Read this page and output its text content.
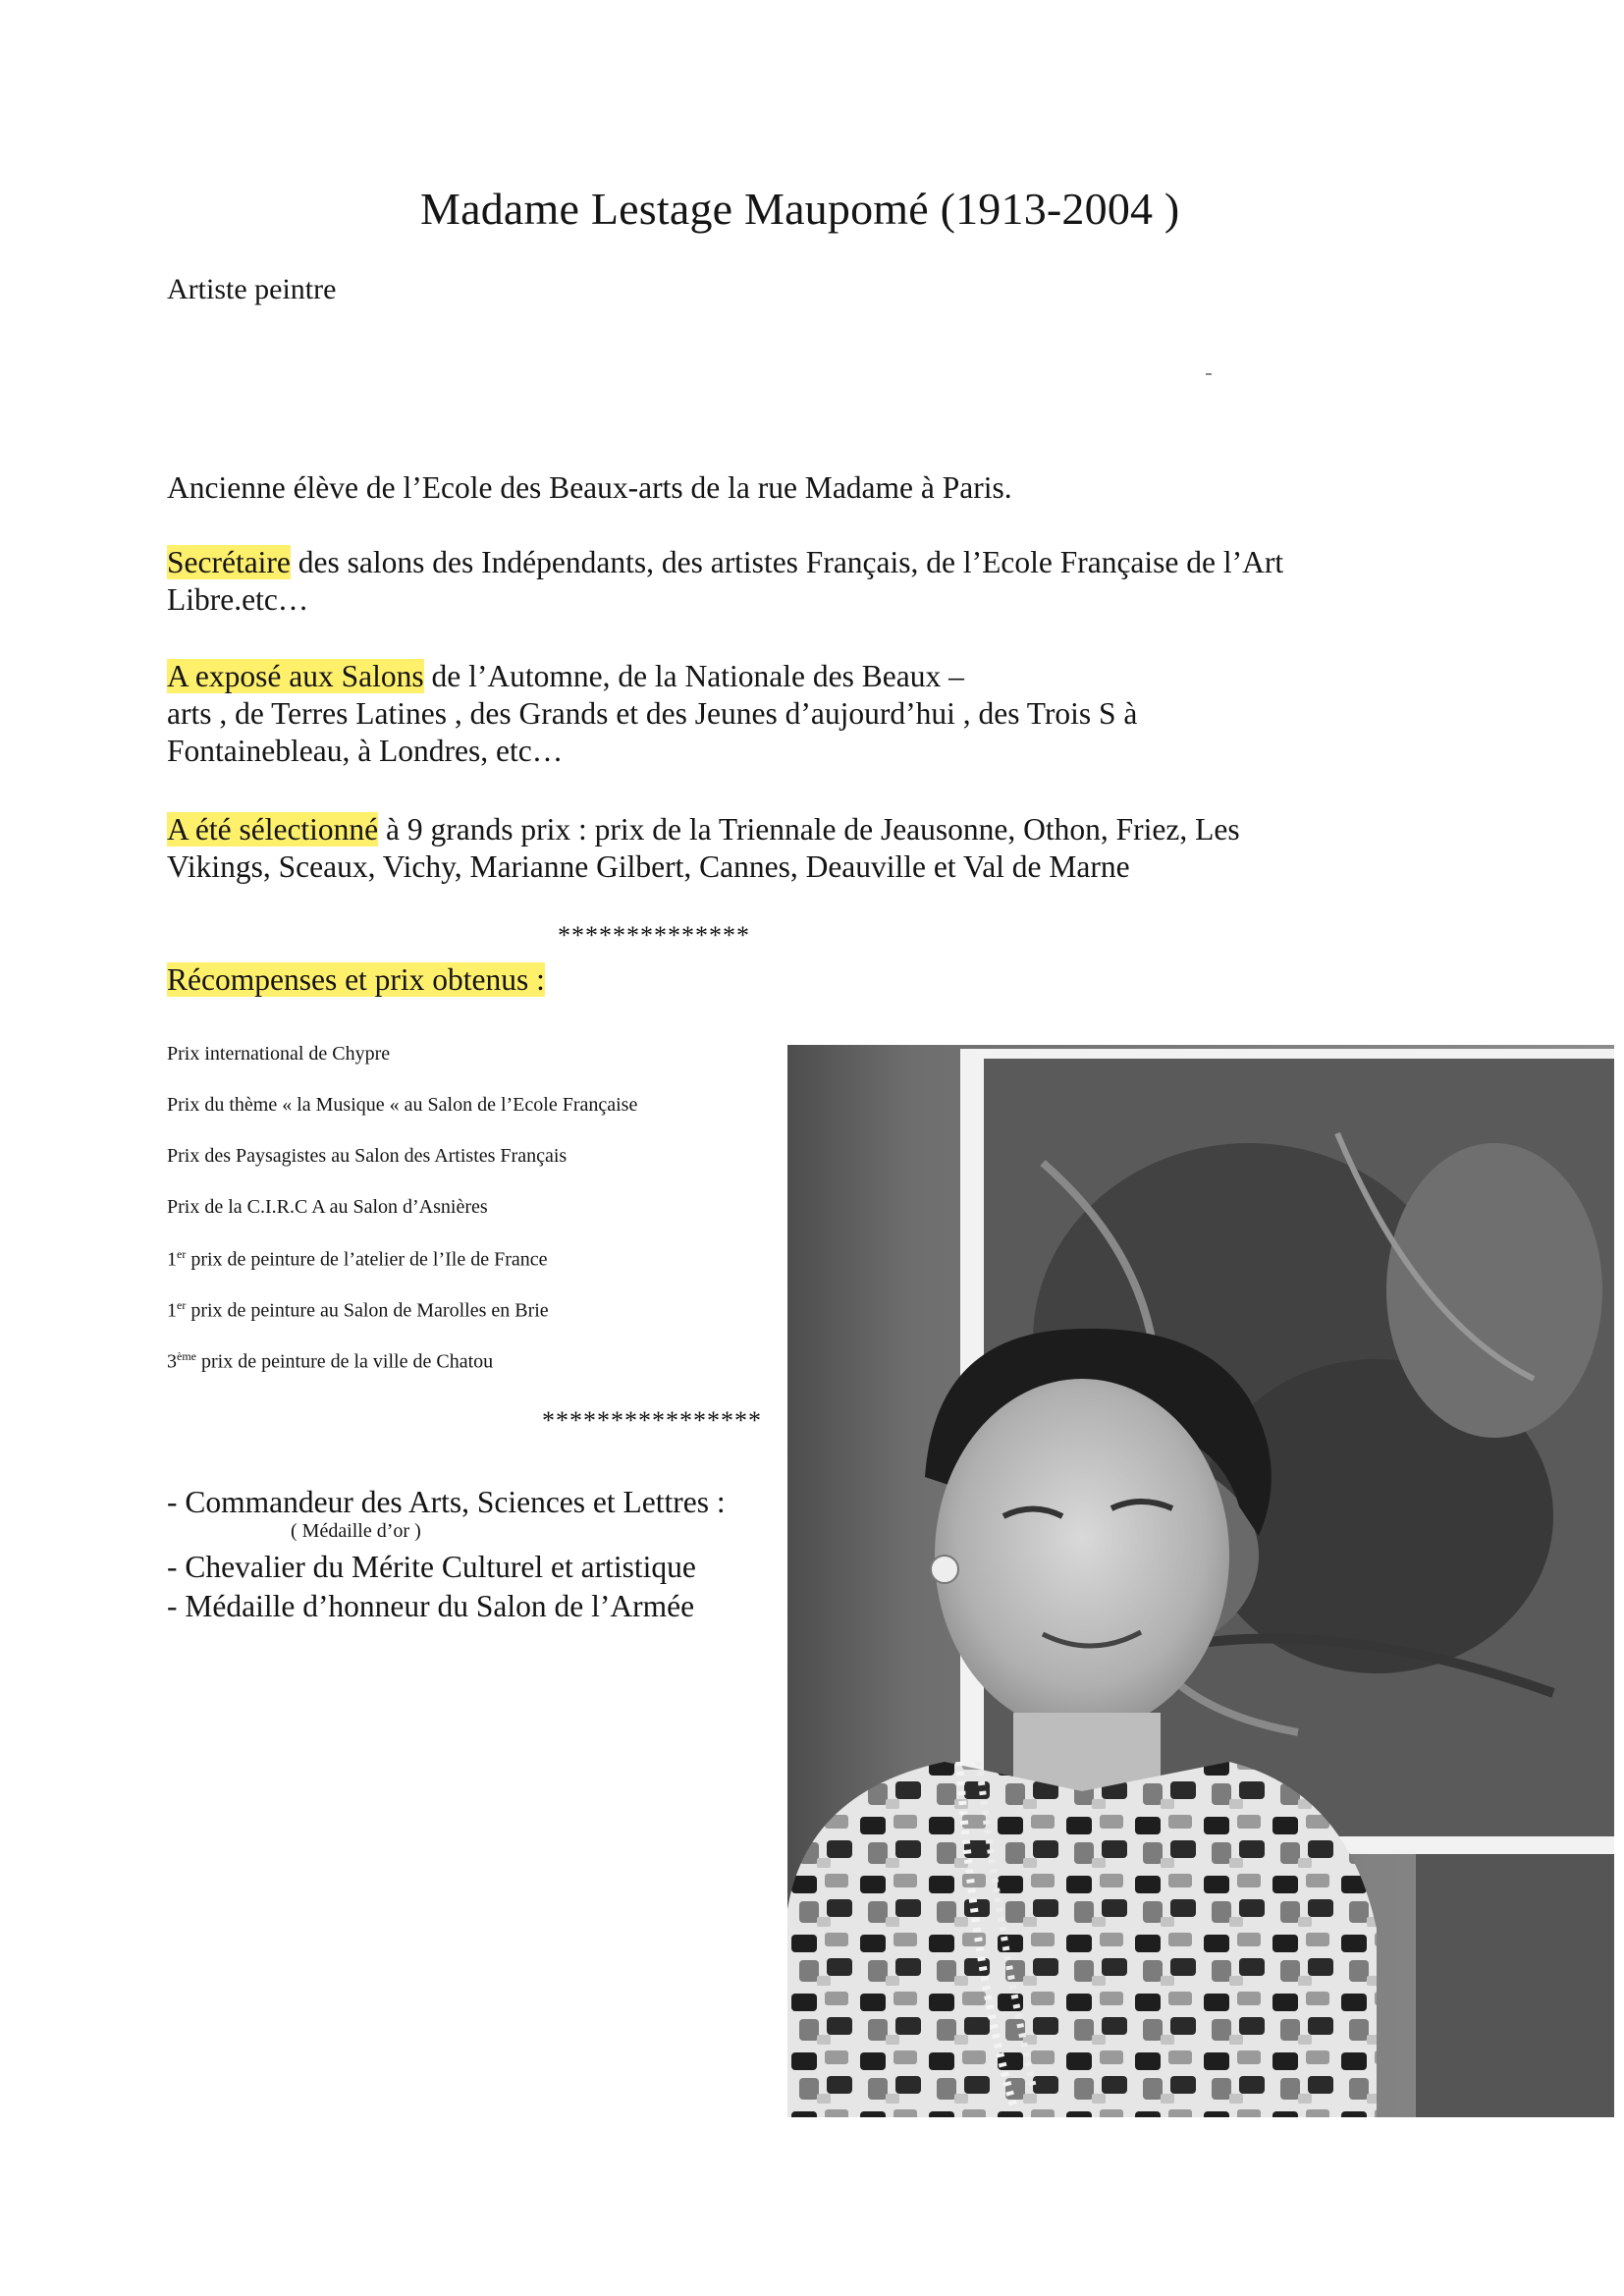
Madame Lestage Maupomé (1913-2004 )
Artiste peintre
Ancienne élève de l’Ecole des Beaux-arts de la rue Madame à Paris.
Secrétaire des salons des Indépendants, des artistes Français, de l’Ecole Française de l’Art
Libre.etc…
A exposé aux Salons de l’Automne, de la Nationale des Beaux –
arts , de Terres Latines , des Grands et des Jeunes d’aujourd’hui , des Trois S à
Fontainebleau, à Londres, etc…
A été sélectionné à 9 grands prix : prix de la Triennale de Jeausonne, Othon, Friez, Les
Vikings, Sceaux, Vichy, Marianne Gilbert, Cannes, Deauville et Val de Marne
**************
Récompenses et prix obtenus :
Prix international de Chypre
Prix du thème « la Musique « au Salon de l’Ecole Française
Prix des Paysagistes au Salon des Artistes Français
Prix de la C.I.R.C A au Salon d’Asnières
1er prix de peinture de l’atelier de l’Ile de France
1er prix de peinture au Salon de Marolles en Brie
3ème prix de peinture de la ville de Chatou
****************
- Commandeur des Arts, Sciences et Lettres :
( Médaille d’or )
- Chevalier du Mérite Culturel et artistique
- Médaille d’honneur du Salon de l’Armée
